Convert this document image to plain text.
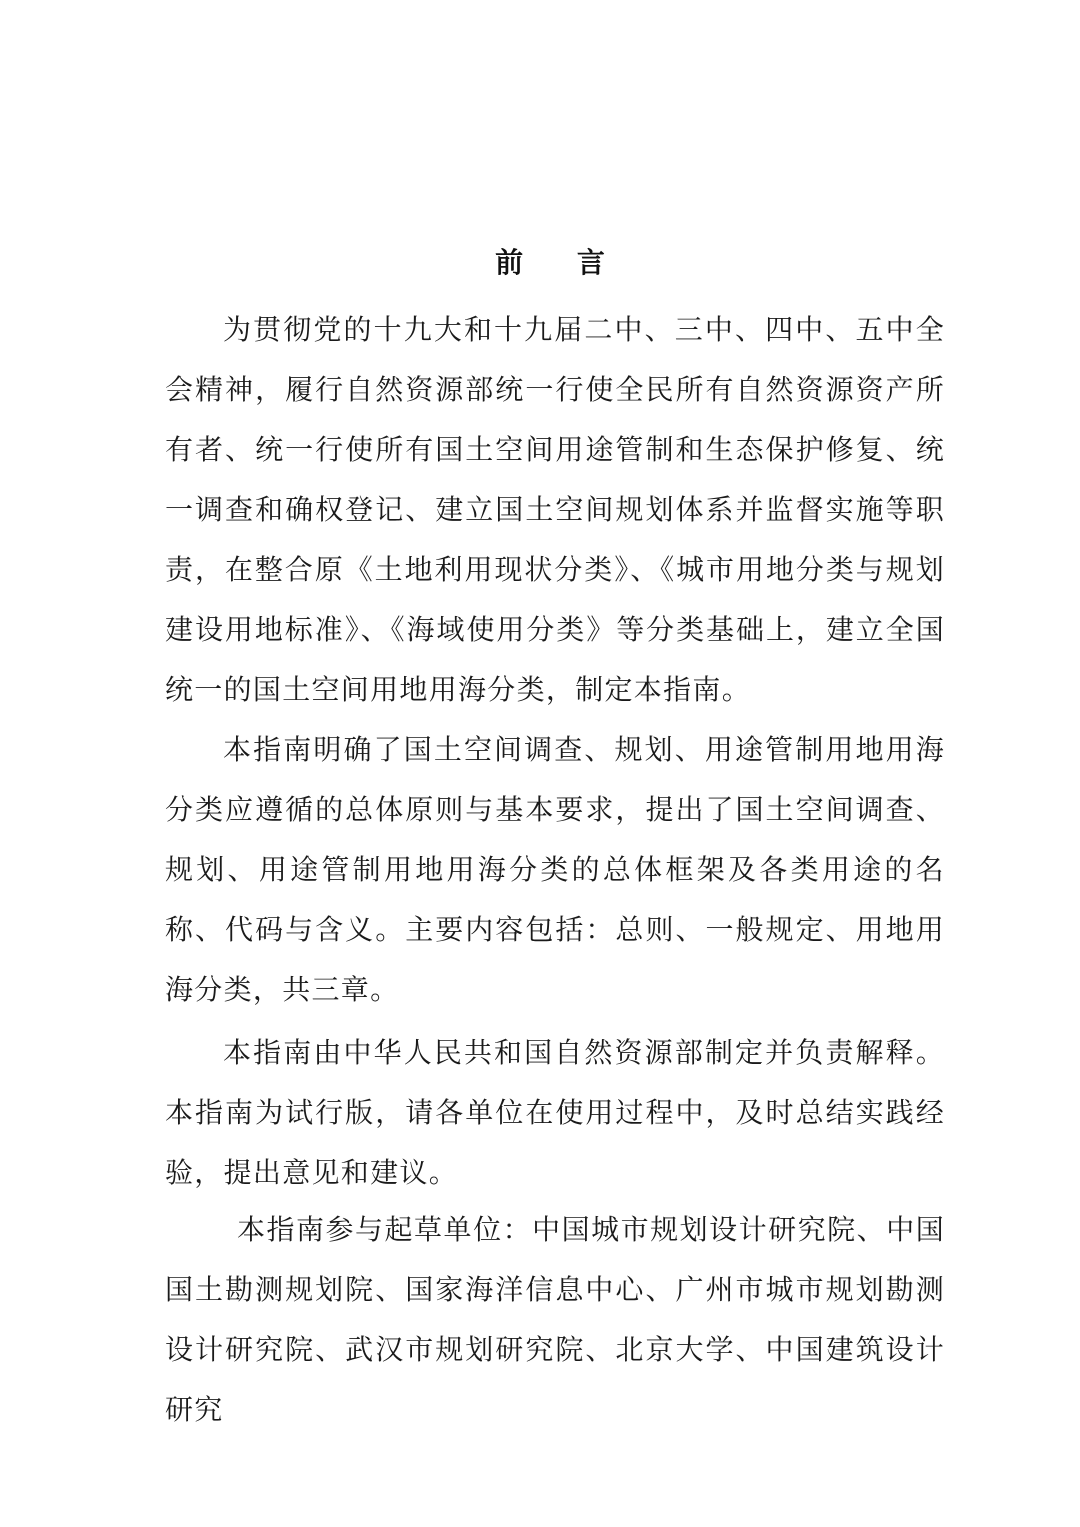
前 言

为贯彻党的十九大和十九届二中、三中、四中、五中全会精神，履行自然资源部统一行使全民所有自然资源资产所有者、统一行使所有国土空间用途管制和生态保护修复、统一调查和确权登记、建立国土空间规划体系并监督实施等职责，在整合原《土地利用现状分类》、《城市用地分类与规划建设用地标准》、《海域使用分类》等分类基础上，建立全国统一的国土空间用地用海分类，制定本指南。

本指南明确了国土空间调查、规划、用途管制用地用海分类应遵循的总体原则与基本要求，提出了国土空间调查、规划、用途管制用地用海分类的总体框架及各类用途的名称、代码与含义。主要内容包括：总则、一般规定、用地用海分类，共三章。

本指南由中华人民共和国自然资源部制定并负责解释。本指南为试行版，请各单位在使用过程中，及时总结实践经验，提出意见和建议。

本指南参与起草单位：中国城市规划设计研究院、中国国土勘测规划院、国家海洋信息中心、广州市城市规划勘测设计研究院、武汉市规划研究院、北京大学、中国建筑设计研究
